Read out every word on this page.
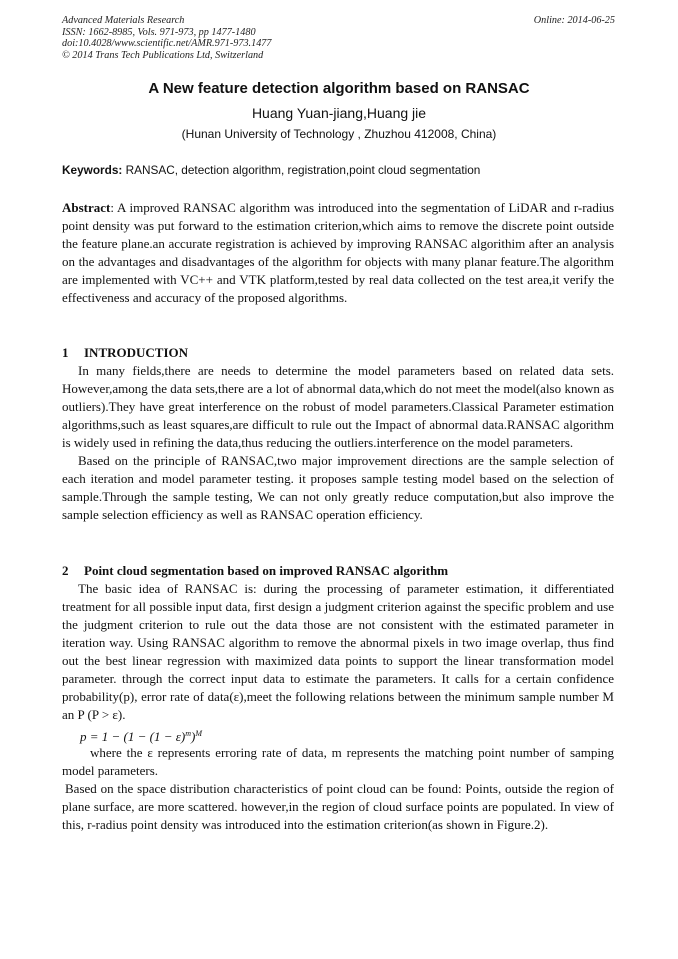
Advanced Materials Research
ISSN: 1662-8985, Vols. 971-973, pp 1477-1480
doi:10.4028/www.scientific.net/AMR.971-973.1477
© 2014 Trans Tech Publications Ltd, Switzerland
Online: 2014-06-25
A New feature detection algorithm based on RANSAC
Huang Yuan-jiang,Huang jie
(Hunan University of Technology , Zhuzhou 412008, China)
Keywords: RANSAC, detection algorithm, registration,point cloud segmentation

Abstract: A improved RANSAC algorithm was introduced into the segmentation of LiDAR and r-radius point density was put forward to the estimation criterion,which aims to remove the discrete point outside the feature plane.an accurate registration is achieved by improving RANSAC algorithim after an analysis on the advantages and disadvantages of the algorithm for objects with many planar feature.The algorithm are implemented with VC++ and VTK platform,tested by real data collected on the test area,it verify the effectiveness and accuracy of the proposed algorithms.

1 INTRODUCTION

In many fields,there are needs to determine the model parameters based on related data sets. However,among the data sets,there are a lot of abnormal data,which do not meet the model(also known as outliers).They have great interference on the robust of model parameters.Classical Parameter estimation algorithms,such as least squares,are difficult to rule out the Impact of abnormal data.RANSAC algorithm is widely used in refining the data,thus reducing the outliers.interference on the model parameters.

Based on the principle of RANSAC,two major improvement directions are the sample selection of each iteration and model parameter testing. it proposes sample testing model based on the selection of sample.Through the sample testing, We can not only greatly reduce computation,but also improve the sample selection efficiency as well as RANSAC operation efficiency.

2 Point cloud segmentation based on improved RANSAC algorithm

The basic idea of RANSAC is: during the processing of parameter estimation, it differentiated treatment for all possible input data, first design a judgment criterion against the specific problem and use the judgment criterion to rule out the data those are not consistent with the estimated parameter in iteration way. Using RANSAC algorithm to remove the abnormal pixels in two image overlap, thus find out the best linear regression with maximized data points to support the linear transformation model parameter. through the correct input data to estimate the parameters. It calls for a certain confidence probability(p), error rate of data(ε),meet the following relations between the minimum sample number M an P (P > ε).

$p = 1 - (1 - (1 - \varepsilon)^m)^M$

where the ε represents erroring rate of data, m represents the matching point number of samping model parameters.

Based on the space distribution characteristics of point cloud can be found: Points, outside the region of plane surface, are more scattered. however,in the region of cloud surface points are populated. In view of this, r-radius point density was introduced into the estimation criterion(as shown in Figure.2).
